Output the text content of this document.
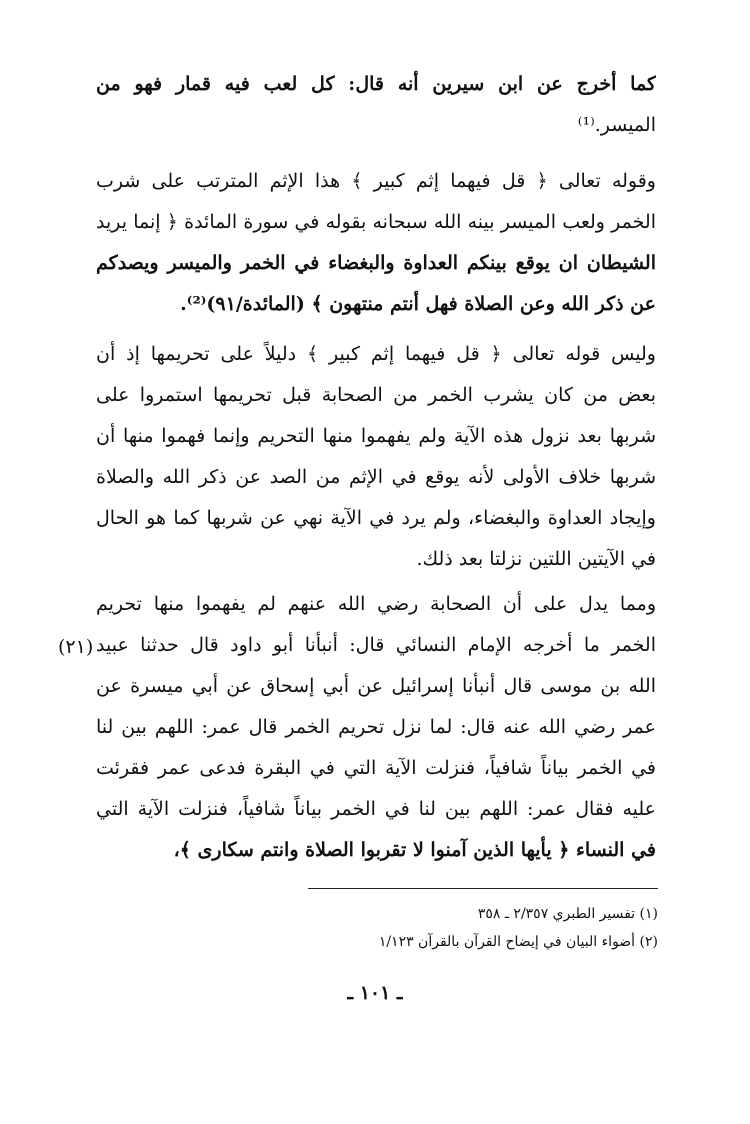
كما أخرج عن ابن سيرين أنه قال: كل لعب فيه قمار فهو من
الميسر.⁽¹⁾
وقوله تعالى ﴿ قل فيهما إثم كبير ﴾ هذا الإثم المترتب على شرب
الخمر ولعب الميسر بينه الله سبحانه بقوله في سورة المائدة ﴿ إنما يريد
الشيطان ان يوقع بينكم العداوة والبغضاء في الخمر والميسر ويصدكم
عن ذكر الله وعن الصلاة فهل أنتم منتهون ﴾ (المائدة/٩١)⁽²⁾.
وليس قوله تعالى ﴿ قل فيهما إثم كبير ﴾ دليلاً على تحريمها إذ أن
بعض من كان يشرب الخمر من الصحابة قبل تحريمها استمروا على
شربها بعد نزول هذه الآية ولم يفهموا منها التحريم وإنما فهموا منها أن
شربها خلاف الأولى لأنه يوقع في الإثم من الصد عن ذكر الله والصلاة
وإيجاد العداوة والبغضاء، ولم يرد في الآية نهي عن شربها كما هو الحال
في الآيتين اللتين نزلتا بعد ذلك.
ومما يدل على أن الصحابة رضي الله عنهم لم يفهموا منها تحريم
الخمر ما أخرجه الإمام النسائي قال: أنبأنا أبو داود قال حدثنا عبيد
الله بن موسى قال أنبأنا إسرائيل عن أبي إسحاق عن أبي ميسرة عن
عمر رضي الله عنه قال: لما نزل تحريم الخمر قال عمر: اللهم بين لنا
في الخمر بياناً شافياً، فنزلت الآية التي في البقرة فدعى عمر فقرئت
عليه فقال عمر: اللهم بين لنا في الخمر بياناً شافياً، فنزلت الآية التي
في النساء ﴿ يأيها الذين آمنوا لا تقربوا الصلاة وانتم سكارى ﴾،
(٢١)
(١) تفسير الطبري ٢/٣٥٧ ـ ٣٥٨
(٢) أضواء البيان في إيضاح القرآن بالقرآن ١/١٢٣
ـ ١٠١ ـ
